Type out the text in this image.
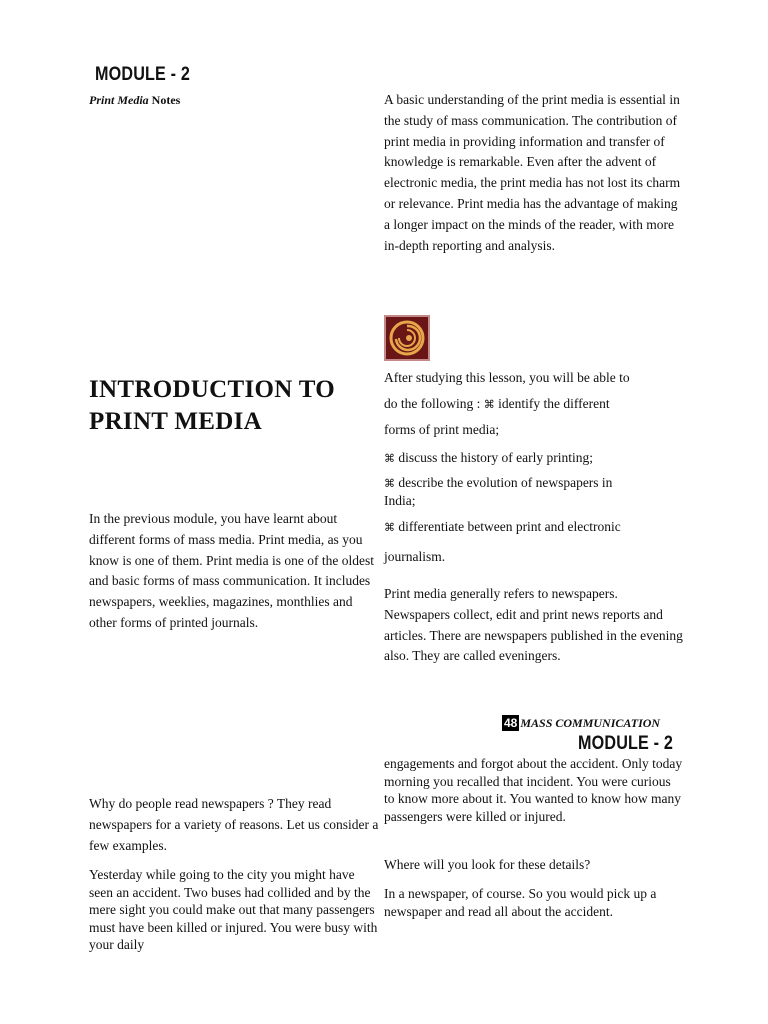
MODULE - 2
Print Media Notes	A basic understanding of the print media is essential in the study of mass communication. The contribution of print media in providing information and transfer of knowledge is remarkable. Even after the advent of electronic media, the print media has not lost its charm or relevance. Print media has the advantage of making a longer impact on the minds of the reader, with more in-depth reporting and analysis.

INTRODUCTION TO
PRINT MEDIA
After studying this lesson, you will be able to
do the following : ⌘ identify the different
forms of print media;
⌘ discuss the history of early printing;
⌘ describe the evolution of newspapers in
India;
⌘ differentiate between print and electronic
journalism.

In the previous module, you have learnt about different forms of mass media. Print media, as you know is one of them. Print media is one of the oldest and basic forms of mass communication. It includes newspapers, weeklies, magazines, monthlies and other forms of printed journals.

Print media generally refers to newspapers. Newspapers collect, edit and print news reports and articles. There are newspapers published in the evening also. They are called eveningers.

48 MASS COMMUNICATION
MODULE - 2

engagements and forgot about the accident. Only today morning you recalled that incident. You were curious to know more about it. You wanted to know how many passengers were killed or injured.

Where will you look for these details?

In a newspaper, of course. So you would pick up a newspaper and read all about the accident.

Why do people read newspapers ? They read newspapers for a variety of reasons. Let us consider a few examples.

Yesterday while going to the city you might have seen an accident. Two buses had collided and by the mere sight you could make out that many passengers must have been killed or injured. You were busy with your daily
